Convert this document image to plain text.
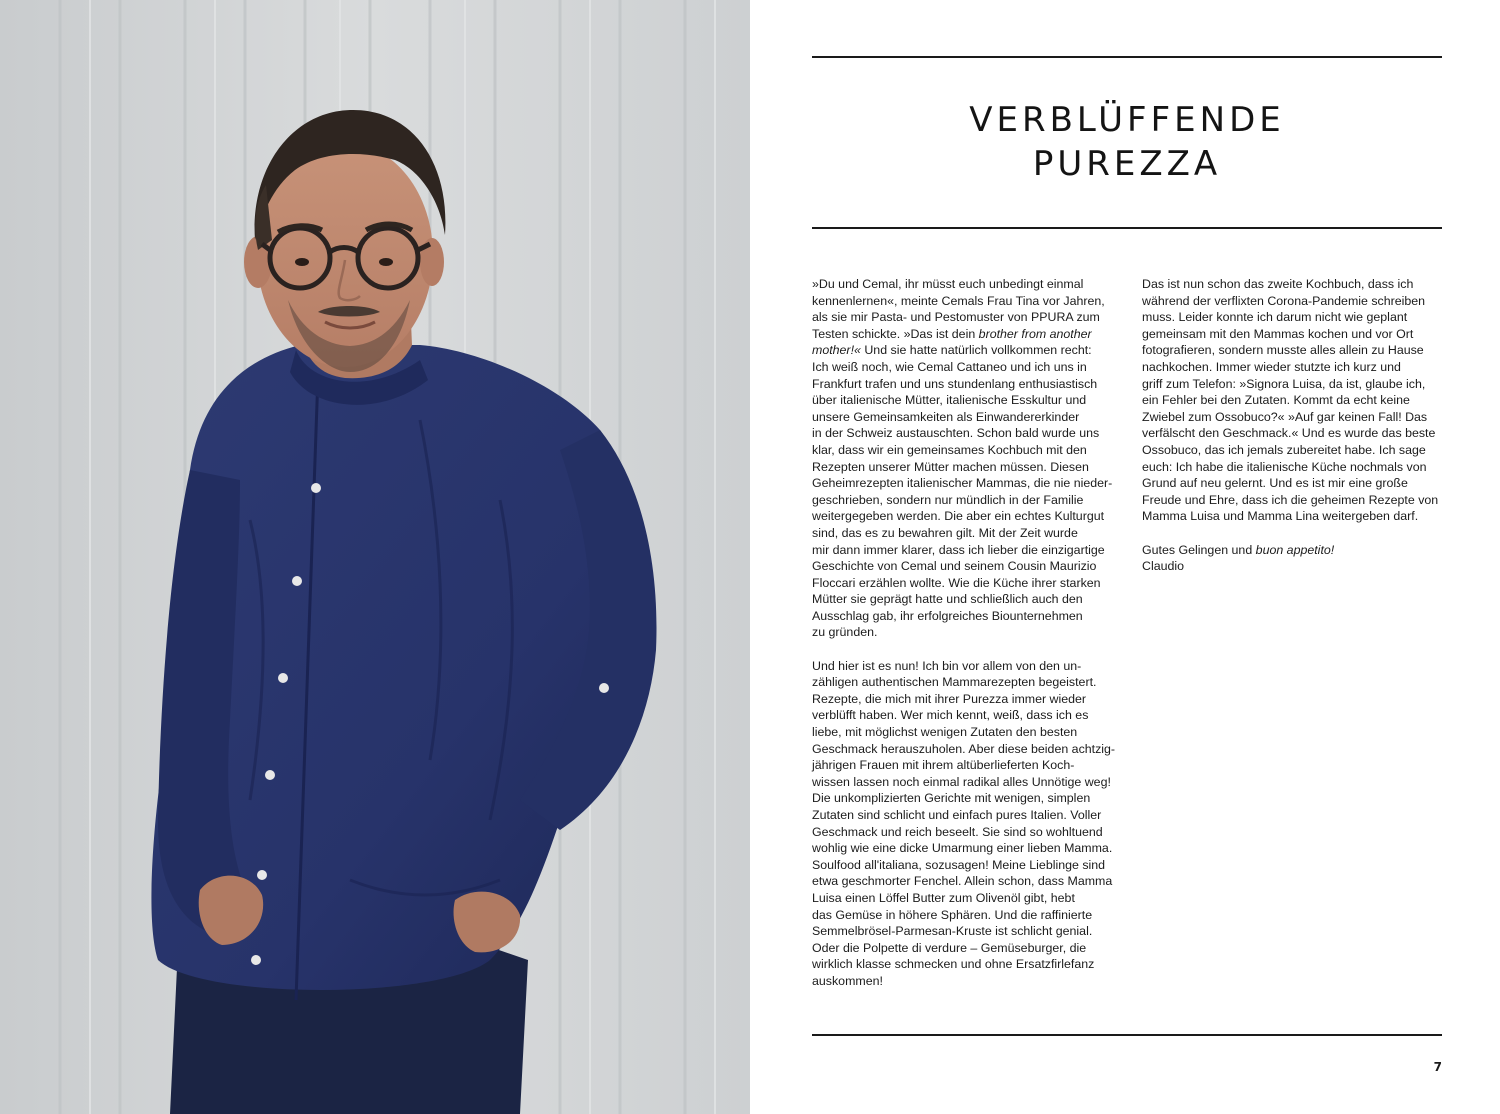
VERBLÜFFENDE
PUREZZA

»Du und Cemal, ihr müsst euch unbedingt einmal
kennenlernen«, meinte Cemals Frau Tina vor Jahren,
als sie mir Pasta- und Pestomuster von PPURA zum
Testen schickte. »Das ist dein brother from another
mother!« Und sie hatte natürlich vollkommen recht:
Ich weiß noch, wie Cemal Cattaneo und ich uns in
Frankfurt trafen und uns stundenlang enthusiastisch
über italienische Mütter, italienische Esskultur und
unsere Gemeinsamkeiten als Einwandererkinder
in der Schweiz austauschten. Schon bald wurde uns
klar, dass wir ein gemeinsames Kochbuch mit den
Rezepten unserer Mütter machen müssen. Diesen
Geheimrezepten italienischer Mammas, die nie nieder-
geschrieben, sondern nur mündlich in der Familie
weitergegeben werden. Die aber ein echtes Kulturgut
sind, das es zu bewahren gilt. Mit der Zeit wurde
mir dann immer klarer, dass ich lieber die einzigartige
Geschichte von Cemal und seinem Cousin Maurizio
Floccari erzählen wollte. Wie die Küche ihrer starken
Mütter sie geprägt hatte und schließlich auch den
Ausschlag gab, ihr erfolgreiches Biounternehmen
zu gründen.

Und hier ist es nun! Ich bin vor allem von den un-
zähligen authentischen Mammarezepten begeistert.
Rezepte, die mich mit ihrer Purezza immer wieder
verblüfft haben. Wer mich kennt, weiß, dass ich es
liebe, mit möglichst wenigen Zutaten den besten
Geschmack herauszuholen. Aber diese beiden achtzig-
jährigen Frauen mit ihrem altüberlieferten Koch-
wissen lassen noch einmal radikal alles Unnötige weg!
Die unkomplizierten Gerichte mit wenigen, simplen
Zutaten sind schlicht und einfach pures Italien. Voller
Geschmack und reich beseelt. Sie sind so wohltuend
wohlig wie eine dicke Umarmung einer lieben Mamma.
Soulfood all'italiana, sozusagen! Meine Lieblinge sind
etwa geschmorter Fenchel. Allein schon, dass Mamma
Luisa einen Löffel Butter zum Olivenöl gibt, hebt
das Gemüse in höhere Sphären. Und die raffinierte
Semmelbrösel-Parmesan-Kruste ist schlicht genial.
Oder die Polpette di verdure – Gemüseburger, die
wirklich klasse schmecken und ohne Ersatzfirlefanz
auskommen!

Das ist nun schon das zweite Kochbuch, dass ich
während der verflixten Corona-Pandemie schreiben
muss. Leider konnte ich darum nicht wie geplant
gemeinsam mit den Mammas kochen und vor Ort
fotografieren, sondern musste alles allein zu Hause
nachkochen. Immer wieder stutzte ich kurz und
griff zum Telefon: »Signora Luisa, da ist, glaube ich,
ein Fehler bei den Zutaten. Kommt da echt keine
Zwiebel zum Ossobuco?« »Auf gar keinen Fall! Das
verfälscht den Geschmack.« Und es wurde das beste
Ossobuco, das ich jemals zubereitet habe. Ich sage
euch: Ich habe die italienische Küche nochmals von
Grund auf neu gelernt. Und es ist mir eine große
Freude und Ehre, dass ich die geheimen Rezepte von
Mamma Luisa und Mamma Lina weitergeben darf.

Gutes Gelingen und buon appetito!
Claudio

7
